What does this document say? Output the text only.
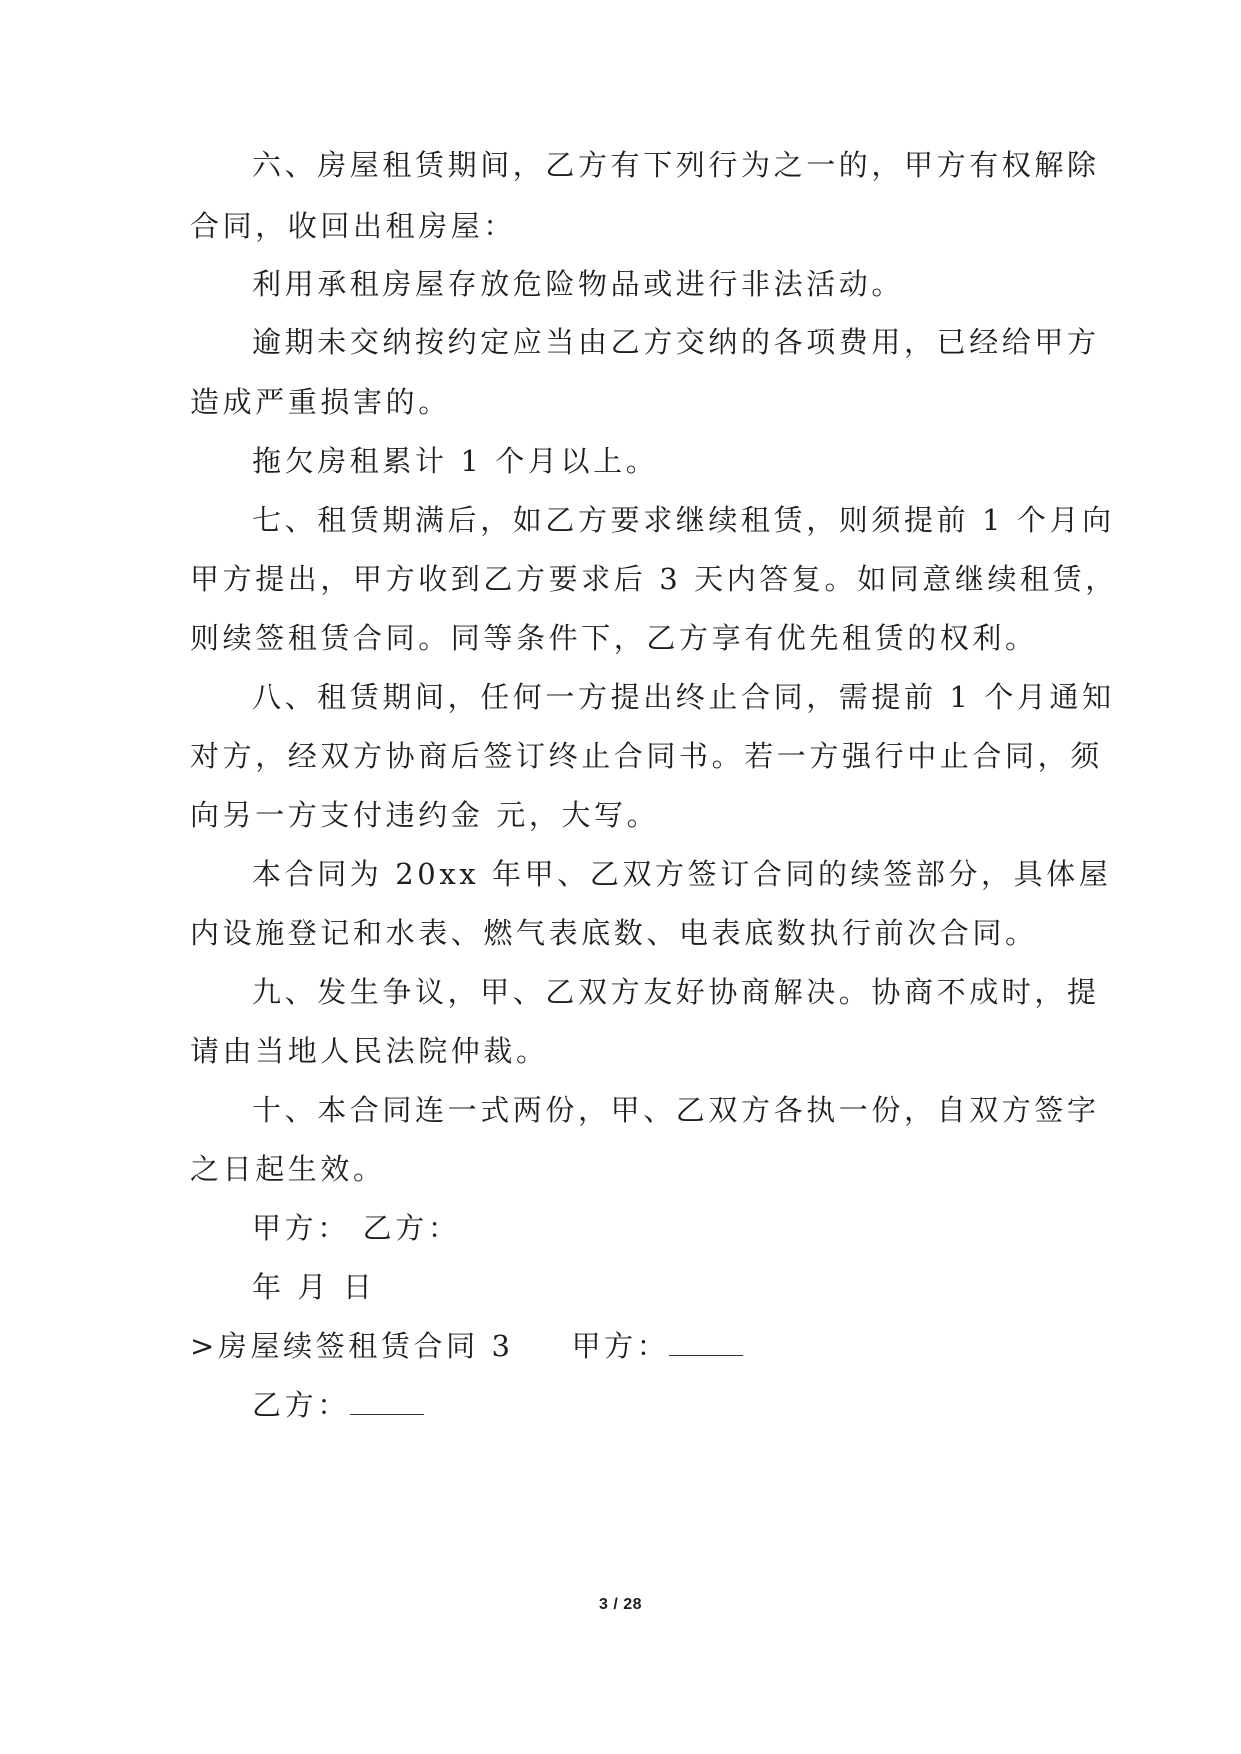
六、房屋租赁期间，乙方有下列行为之一的，甲方有权解除
合同，收回出租房屋：
利用承租房屋存放危险物品或进行非法活动。
逾期未交纳按约定应当由乙方交纳的各项费用，已经给甲方
造成严重损害的。
拖欠房租累计 1 个月以上。
七、租赁期满后，如乙方要求继续租赁，则须提前 1 个月向
甲方提出，甲方收到乙方要求后 3 天内答复。如同意继续租赁，
则续签租赁合同。同等条件下，乙方享有优先租赁的权利。
八、租赁期间，任何一方提出终止合同，需提前 1 个月通知
对方，经双方协商后签订终止合同书。若一方强行中止合同，须
向另一方支付违约金 元，大写。
本合同为 20xx 年甲、乙双方签订合同的续签部分，具体屋
内设施登记和水表、燃气表底数、电表底数执行前次合同。
九、发生争议，甲、乙双方友好协商解决。协商不成时，提
请由当地人民法院仲裁。
十、本合同连一式两份，甲、乙双方各执一份，自双方签字
之日起生效。
甲方： 乙方：
年 月 日
>房屋续签租赁合同 3 甲方：
乙方：
3 / 28
